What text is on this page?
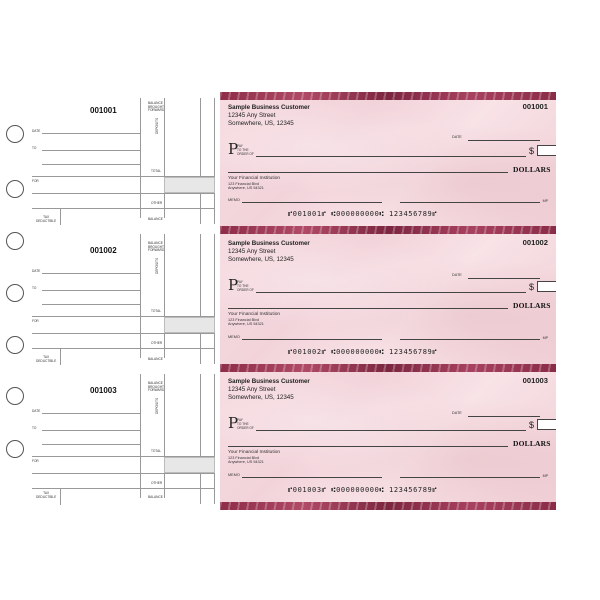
001001
BALANCE
BROUGHT
FORWARD
DEPOSITS
DATE
TO
TOTAL
FOR
OTHER
TAX
DEDUCTIBLE	BALANCE
001002
BALANCE
BROUGHT
FORWARD
DEPOSITS
DATE
TO
TOTAL
FOR
OTHER
TAX
DEDUCTIBLE	BALANCE
001003
BALANCE
BROUGHT
FORWARD
DEPOSITS
DATE
TO
TOTAL
FOR
OTHER
TAX
DEDUCTIBLE	BALANCE
Sample Business Customer	001001
12345 Any Street
Somewhere, US, 12345
DATE
P
PAY
TO THE
ORDER OF	$
DOLLARS
Your Financial Institution
123 Financial Blvd
Anywhere, US 54321
MEMO	MP
⑈001001⑈ ⑆000000000⑆ 123456789⑈
Sample Business Customer	001002
12345 Any Street
Somewhere, US, 12345
DATE
P
PAY
TO THE
ORDER OF	$
DOLLARS
Your Financial Institution
123 Financial Blvd
Anywhere, US 54321
MEMO	MP
⑈001002⑈ ⑆000000000⑆ 123456789⑈
Sample Business Customer	001003
12345 Any Street
Somewhere, US, 12345
DATE
P
PAY
TO THE
ORDER OF	$
DOLLARS
Your Financial Institution
123 Financial Blvd
Anywhere, US 54321
MEMO	MP
⑈001003⑈ ⑆000000000⑆ 123456789⑈
